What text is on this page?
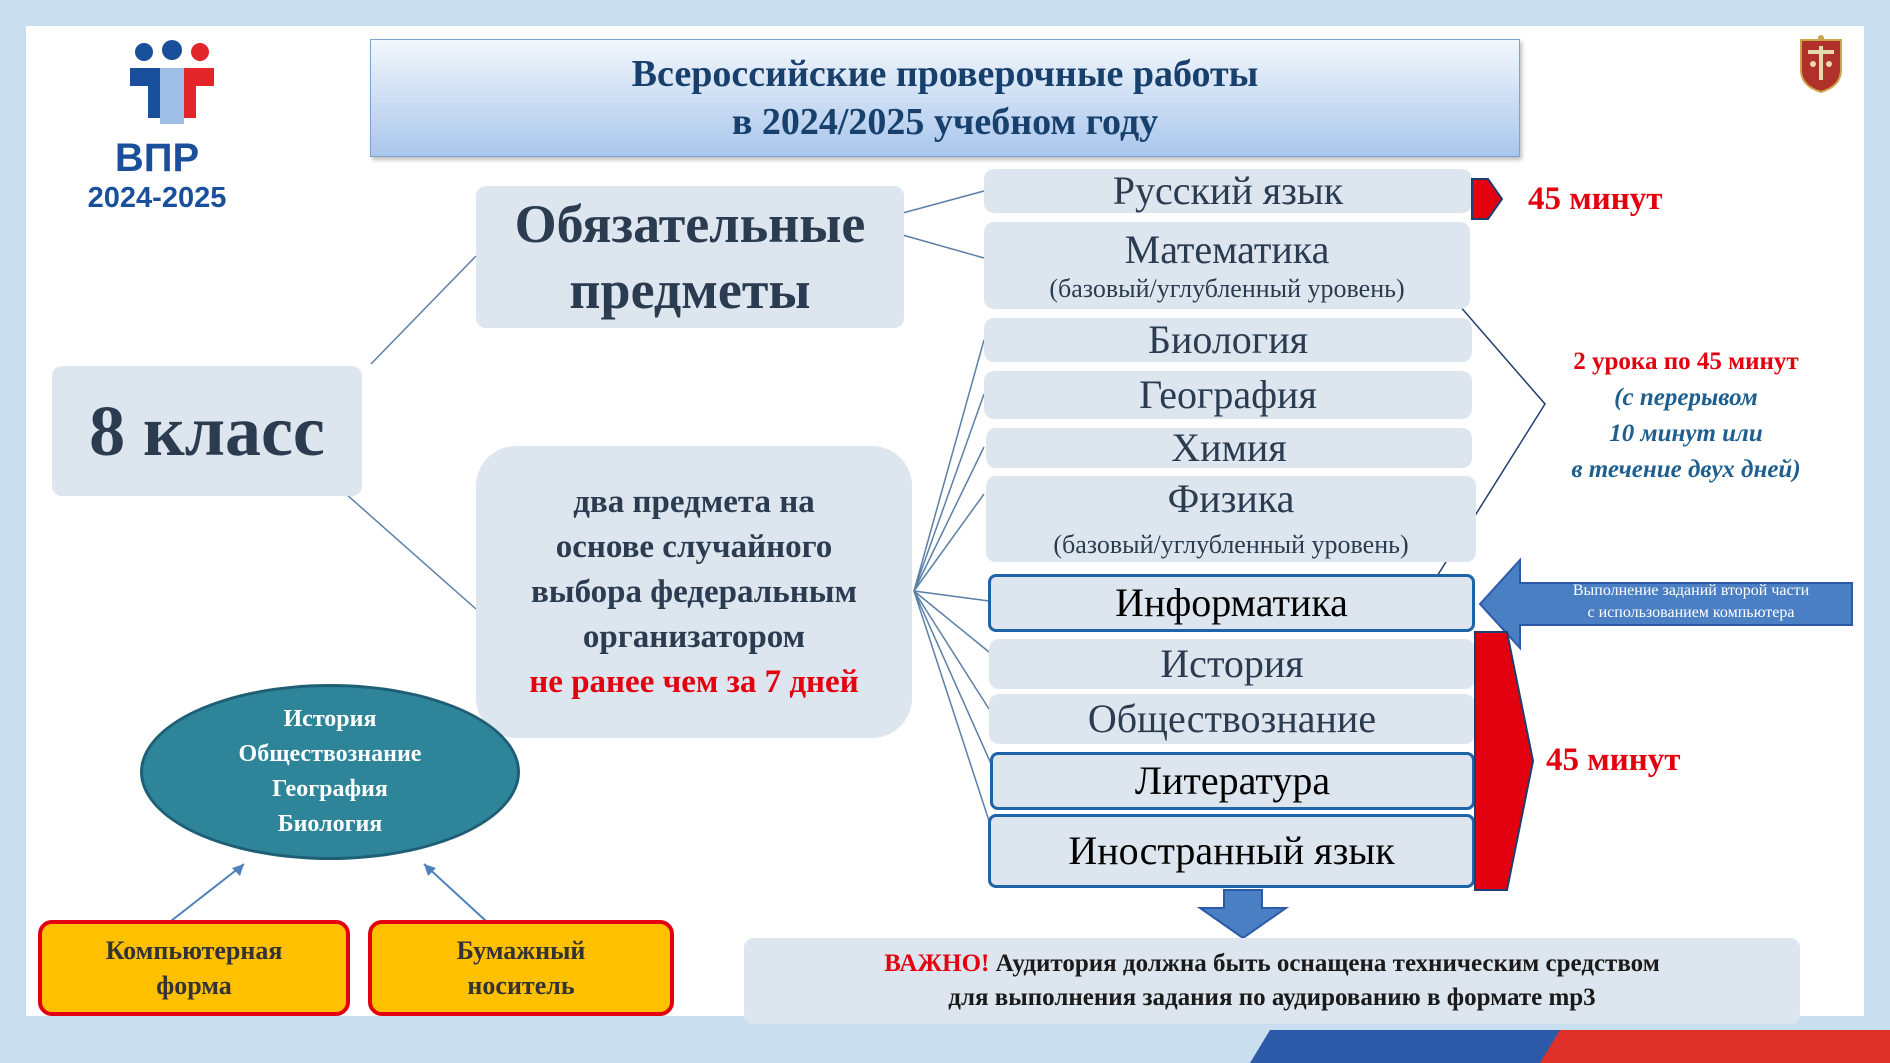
ВПР
2024-2025
Всероссийские проверочные работы
в 2024/2025 учебном году
8 класс
Обязательные
предметы
два предмета на
основе случайного
выбора федеральным
организатором
не ранее чем за 7 дней
Русский язык
Математика
(базовый/углубленный уровень)
Биология
География
Химия
Физика
(базовый/углубленный уровень)
Информатика
История
Обществознание
Литература
Иностранный язык
45 минут
2 урока по 45 минут
(с перерывом
10 минут или
в течение двух дней)
Выполнение заданий второй части
с использованием компьютера
45 минут
ВАЖНО! Аудитория должна быть оснащена техническим средством
для выполнения задания по аудированию в формате mp3
История
Обществознание
География
Биология
Компьютерная
форма
Бумажный
носитель
